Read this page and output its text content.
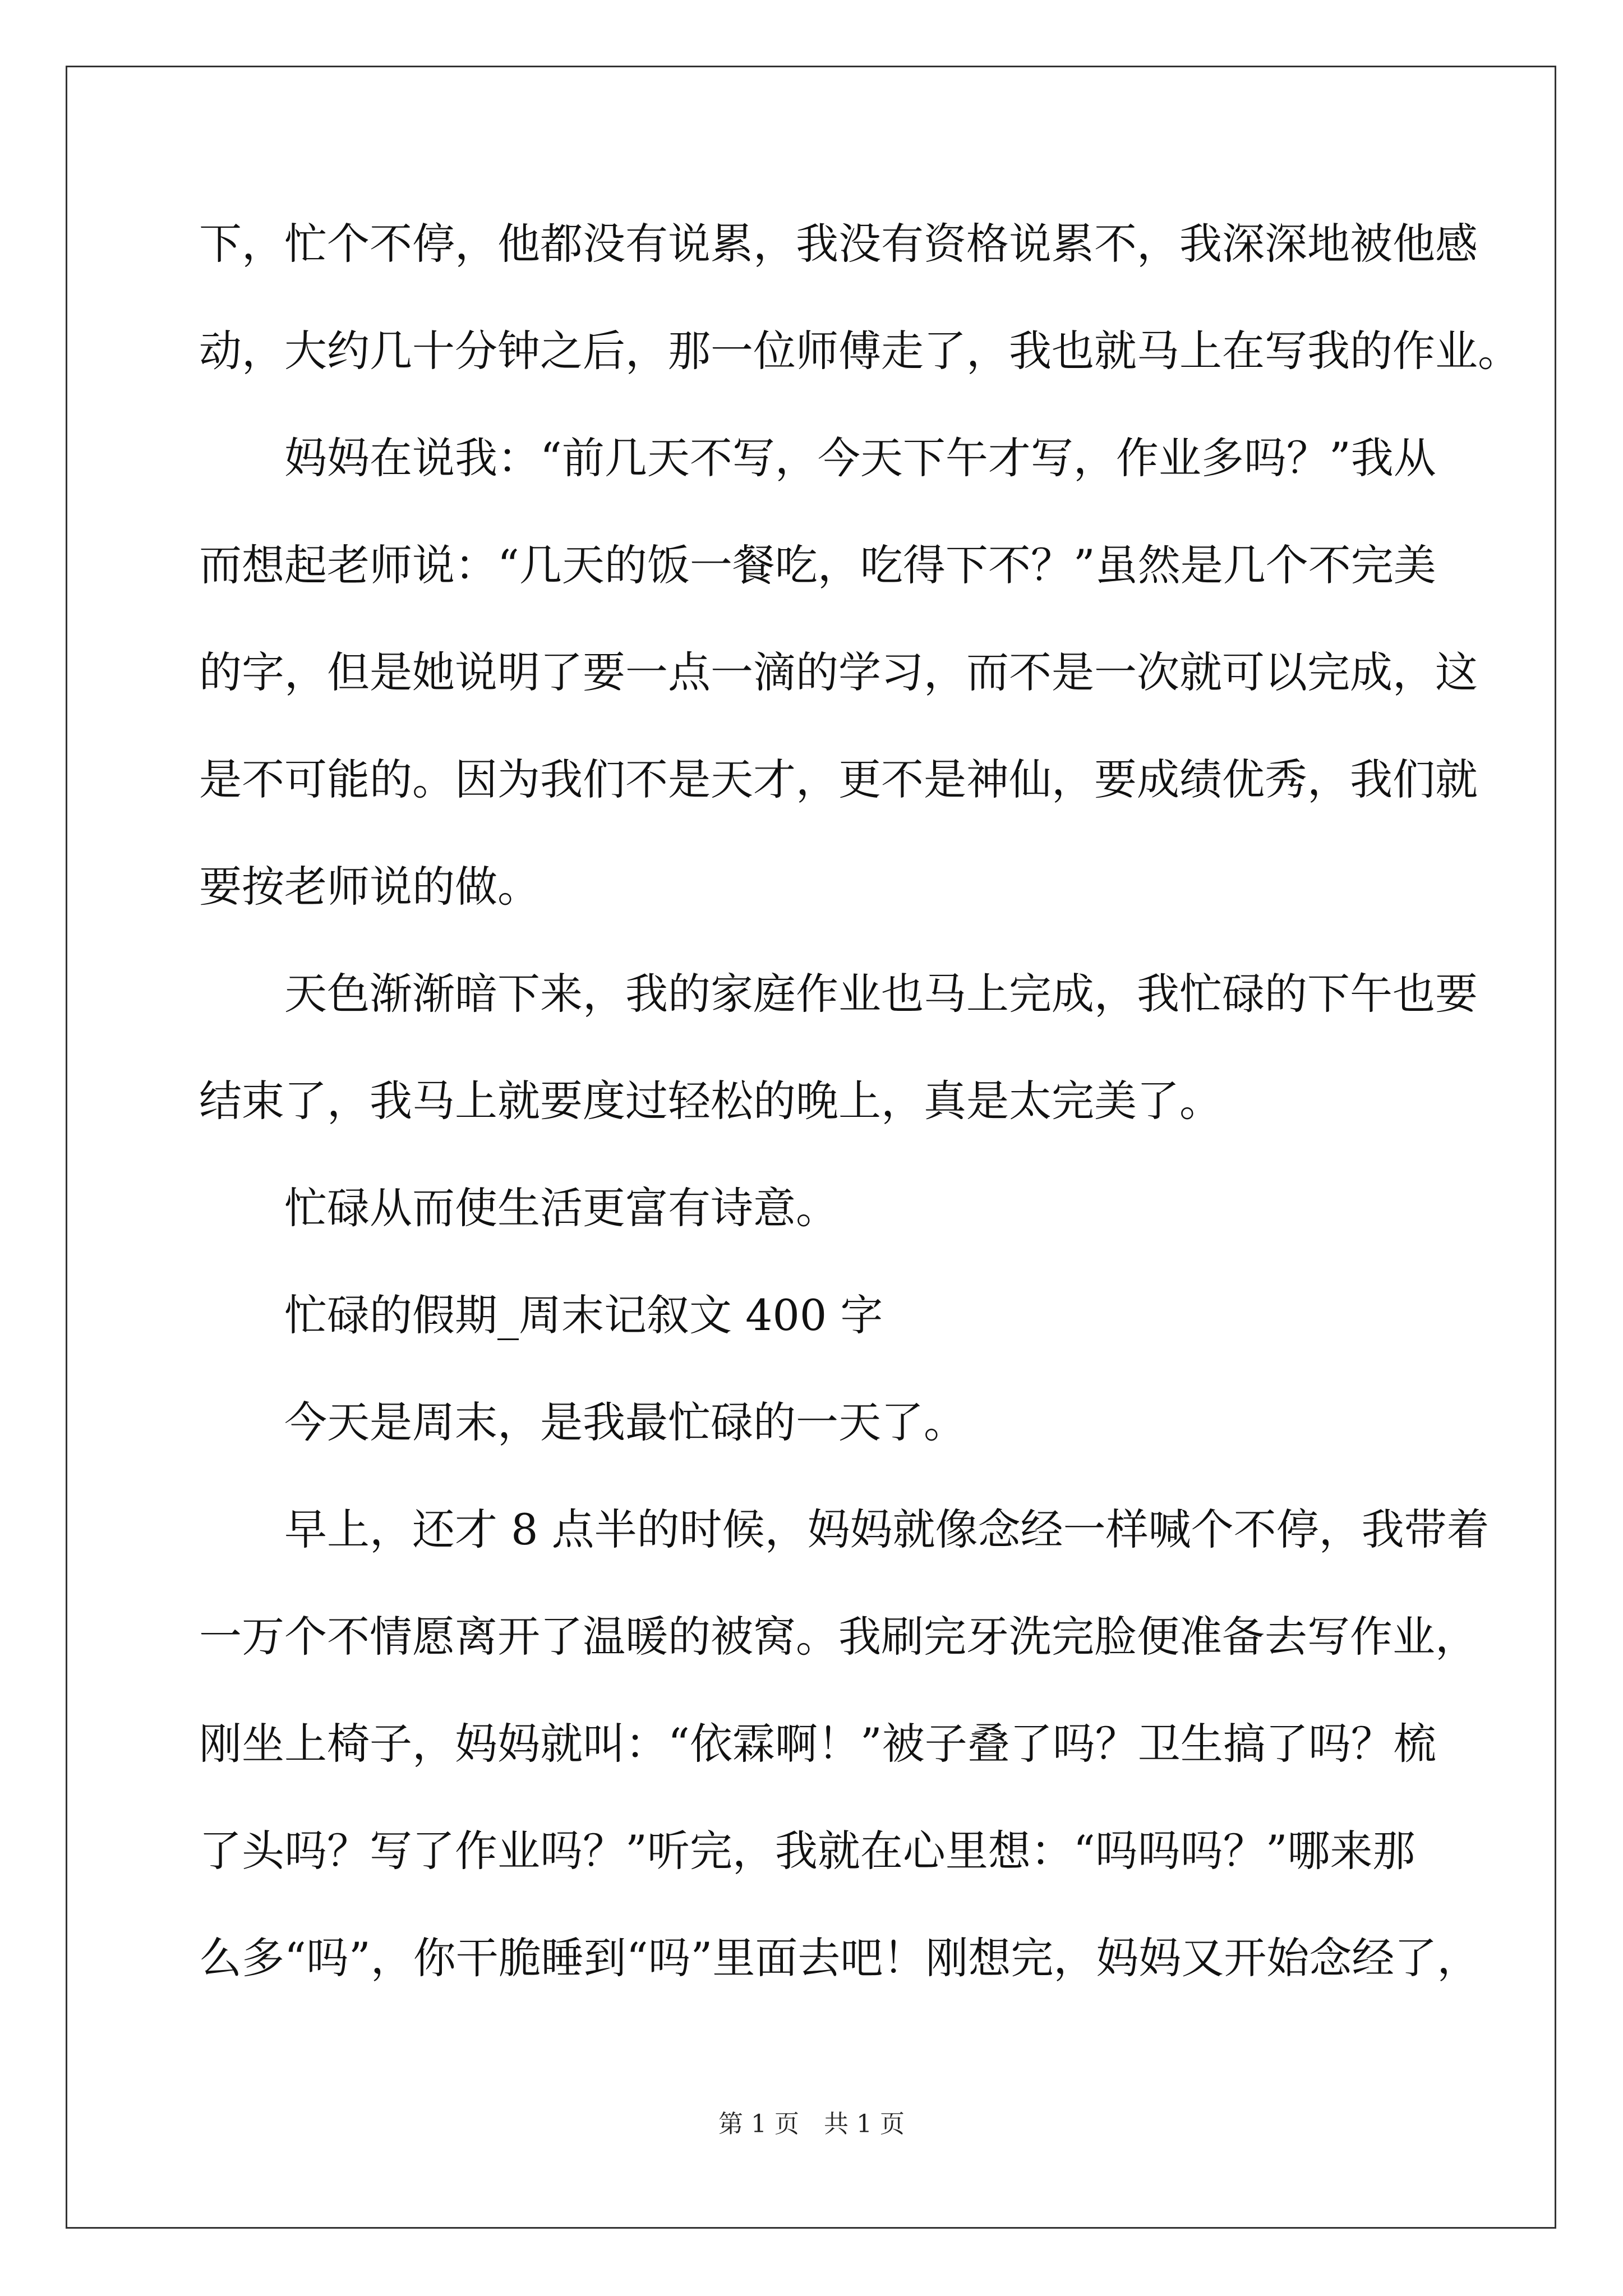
下，忙个不停，他都没有说累，我没有资格说累不，我深深地被他感
动，大约几十分钟之后，那一位师傅走了，我也就马上在写我的作业。
妈妈在说我：“前几天不写，今天下午才写，作业多吗？”我从
而想起老师说：“几天的饭一餐吃，吃得下不？”虽然是几个不完美
的字，但是她说明了要一点一滴的学习，而不是一次就可以完成，这
是不可能的。因为我们不是天才，更不是神仙，要成绩优秀，我们就
要按老师说的做。
天色渐渐暗下来，我的家庭作业也马上完成，我忙碌的下午也要
结束了，我马上就要度过轻松的晚上，真是太完美了。
忙碌从而使生活更富有诗意。
忙碌的假期_周末记叙文 400 字
今天是周末，是我最忙碌的一天了。
早上，还才 8 点半的时候，妈妈就像念经一样喊个不停，我带着
一万个不情愿离开了温暖的被窝。我刷完牙洗完脸便准备去写作业，
刚坐上椅子，妈妈就叫：“依霖啊！”被子叠了吗？卫生搞了吗？梳
了头吗？写了作业吗？”听完，我就在心里想：“吗吗吗？”哪来那
么多“吗”，你干脆睡到“吗”里面去吧！刚想完，妈妈又开始念经了，
第 1 页　共 1 页
